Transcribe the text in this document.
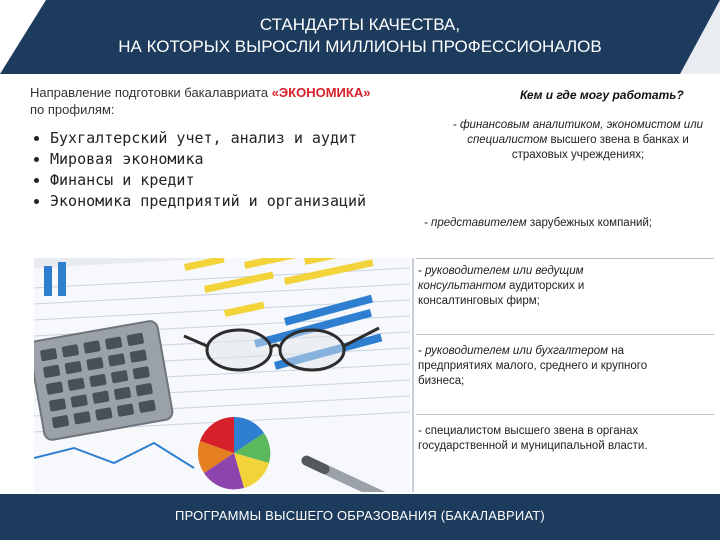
СТАНДАРТЫ КАЧЕСТВА,
НА КОТОРЫХ ВЫРОСЛИ МИЛЛИОНЫ ПРОФЕССИОНАЛОВ
Направление подготовки бакалавриата «ЭКОНОМИКА»
по профилям:
• Бухгалтерский учет, анализ и аудит
• Мировая экономика
• Финансы и кредит
• Экономика предприятий и организаций
Кем и где могу работать?
- финансовым аналитиком, экономистом или специалистом высшего звена в банках и страховых учреждениях;
- представителем зарубежных компаний;
- руководителем или ведущим консультантом аудиторских и консалтинговых фирм;
- руководителем или бухгалтером на предприятиях малого, среднего и крупного бизнеса;
- специалистом высшего звена в органах государственной и муниципальной власти.
ПРОГРАММЫ ВЫСШЕГО ОБРАЗОВАНИЯ (БАКАЛАВРИАТ)
